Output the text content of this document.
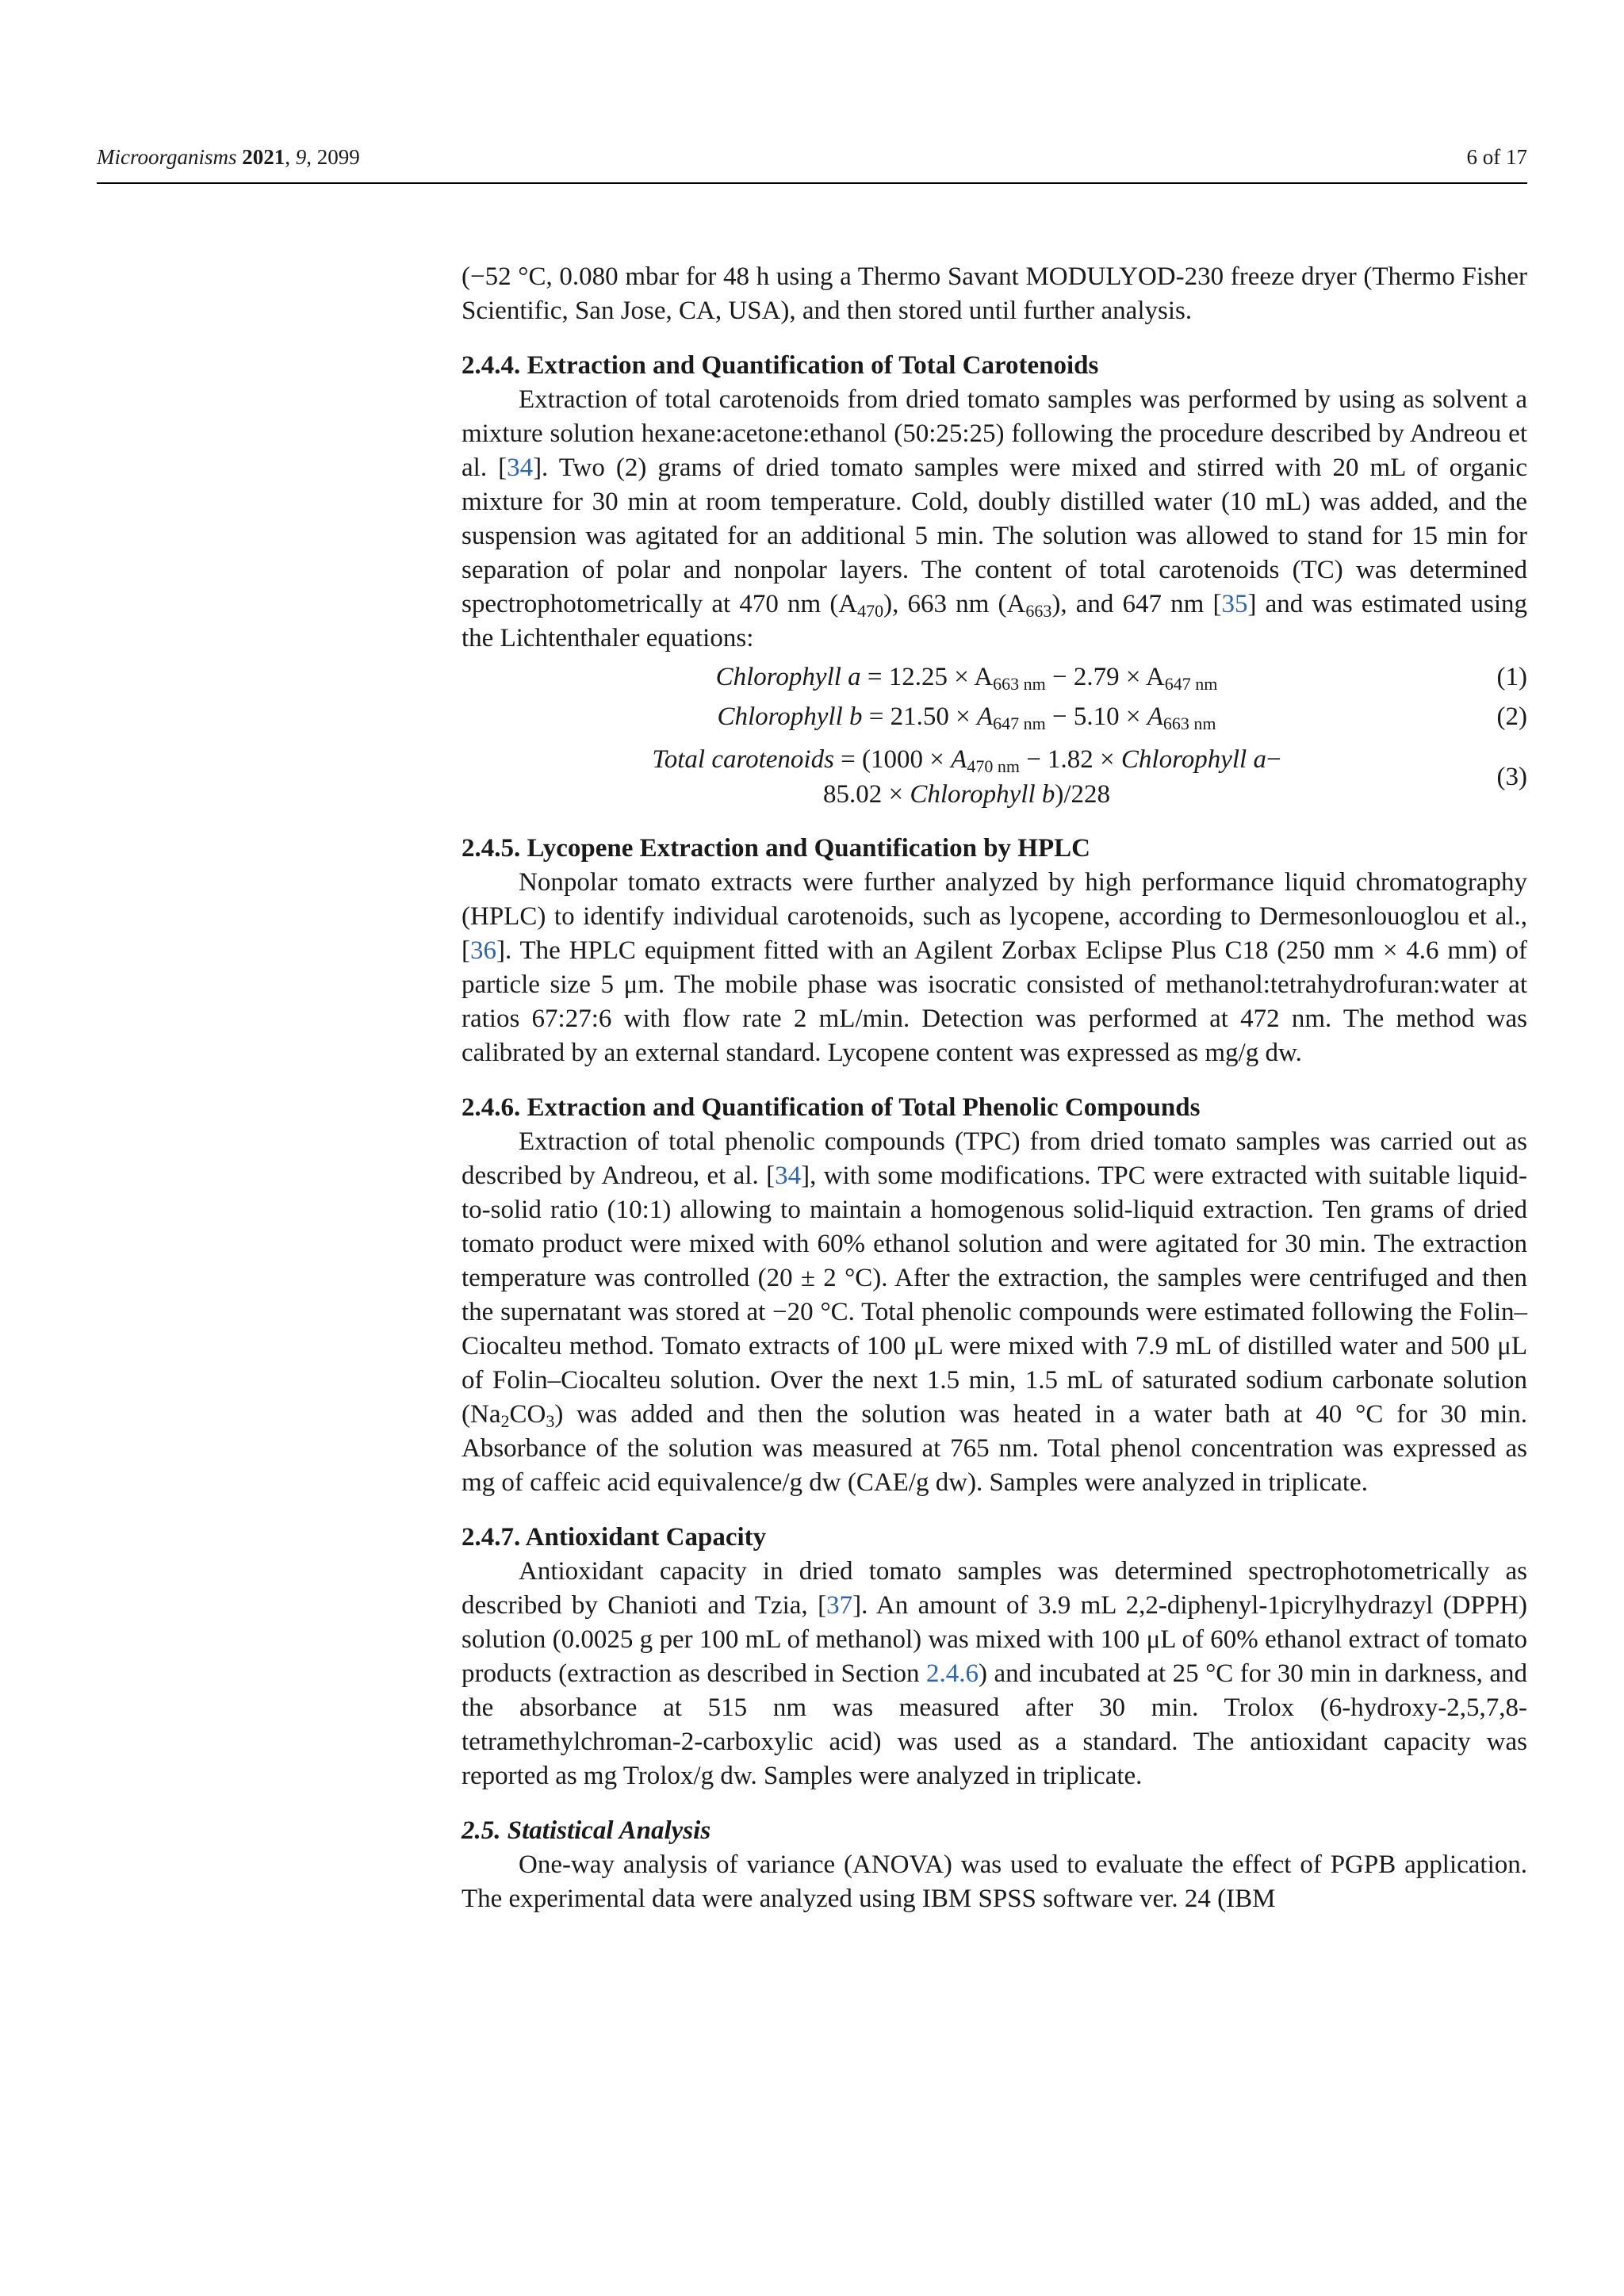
Microorganisms 2021, 9, 2099	6 of 17

(−52 °C, 0.080 mbar for 48 h using a Thermo Savant MODULYOD-230 freeze dryer (Thermo Fisher Scientific, San Jose, CA, USA), and then stored until further analysis.

2.4.4. Extraction and Quantification of Total Carotenoids

Extraction of total carotenoids from dried tomato samples was performed by using as solvent a mixture solution hexane:acetone:ethanol (50:25:25) following the procedure described by Andreou et al. [34]. Two (2) grams of dried tomato samples were mixed and stirred with 20 mL of organic mixture for 30 min at room temperature. Cold, doubly distilled water (10 mL) was added, and the suspension was agitated for an additional 5 min. The solution was allowed to stand for 15 min for separation of polar and nonpolar layers. The content of total carotenoids (TC) was determined spectrophotometrically at 470 nm $(A_{470})$, 663 nm $(A_{663})$, and 647 nm [35] and was estimated using the Lichtenthaler equations:

Chlorophyll $a = 12.25 \times A_{663 nm} - 2.79 \times A_{647 nm}$	(1)
Chlorophyll $b = 21.50 \times A_{647 nm} - 5.10 \times A_{663 nm}$	(2)
Total carotenoids = ($1000 \times A_{470 nm} - 1.82$ × Chlorophyll a−
85.02 × Chlorophyll b)/228
(3)
2.4.5. Lycopene Extraction and Quantification by HPLC

Nonpolar tomato extracts were further analyzed by high performance liquid chromatography (HPLC) to identify individual carotenoids, such as lycopene, according to Dermesonlouoglou et al., [36]. The HPLC equipment fitted with an Agilent Zorbax Eclipse Plus C18 (250 mm × 4.6 mm) of particle size 5 μm. The mobile phase was isocratic consisted of methanol:tetrahydrofuran:water at ratios 67:27:6 with flow rate 2 mL/min. Detection was performed at 472 nm. The method was calibrated by an external standard. Lycopene content was expressed as mg/g dw.

2.4.6. Extraction and Quantification of Total Phenolic Compounds

Extraction of total phenolic compounds (TPC) from dried tomato samples was carried out as described by Andreou, et al. [34], with some modifications. TPC were extracted with suitable liquid-to-solid ratio (10:1) allowing to maintain a homogenous solid-liquid extraction. Ten grams of dried tomato product were mixed with 60% ethanol solution and were agitated for 30 min. The extraction temperature was controlled (20 ± 2 °C). After the extraction, the samples were centrifuged and then the supernatant was stored at −20 °C. Total phenolic compounds were estimated following the Folin–Ciocalteu method. Tomato extracts of 100 μL were mixed with 7.9 mL of distilled water and 500 μL of Folin–Ciocalteu solution. Over the next 1.5 min, 1.5 mL of saturated sodium carbonate solution $(Na_2CO_3)$ was added and then the solution was heated in a water bath at 40 °C for 30 min. Absorbance of the solution was measured at 765 nm. Total phenol concentration was expressed as mg of caffeic acid equivalence/g dw (CAE/g dw). Samples were analyzed in triplicate.

2.4.7. Antioxidant Capacity

Antioxidant capacity in dried tomato samples was determined spectrophotometrically as described by Chanioti and Tzia, [37]. An amount of 3.9 mL 2,2-diphenyl-1picrylhydrazyl (DPPH) solution (0.0025 g per 100 mL of methanol) was mixed with 100 μL of 60% ethanol extract of tomato products (extraction as described in Section 2.4.6) and incubated at 25 °C for 30 min in darkness, and the absorbance at 515 nm was measured after 30 min. Trolox (6-hydroxy-2,5,7,8-tetramethylchroman-2-carboxylic acid) was used as a standard. The antioxidant capacity was reported as mg Trolox/g dw. Samples were analyzed in triplicate.

2.5. Statistical Analysis

One-way analysis of variance (ANOVA) was used to evaluate the effect of PGPB application. The experimental data were analyzed using IBM SPSS software ver. 24 (IBM
